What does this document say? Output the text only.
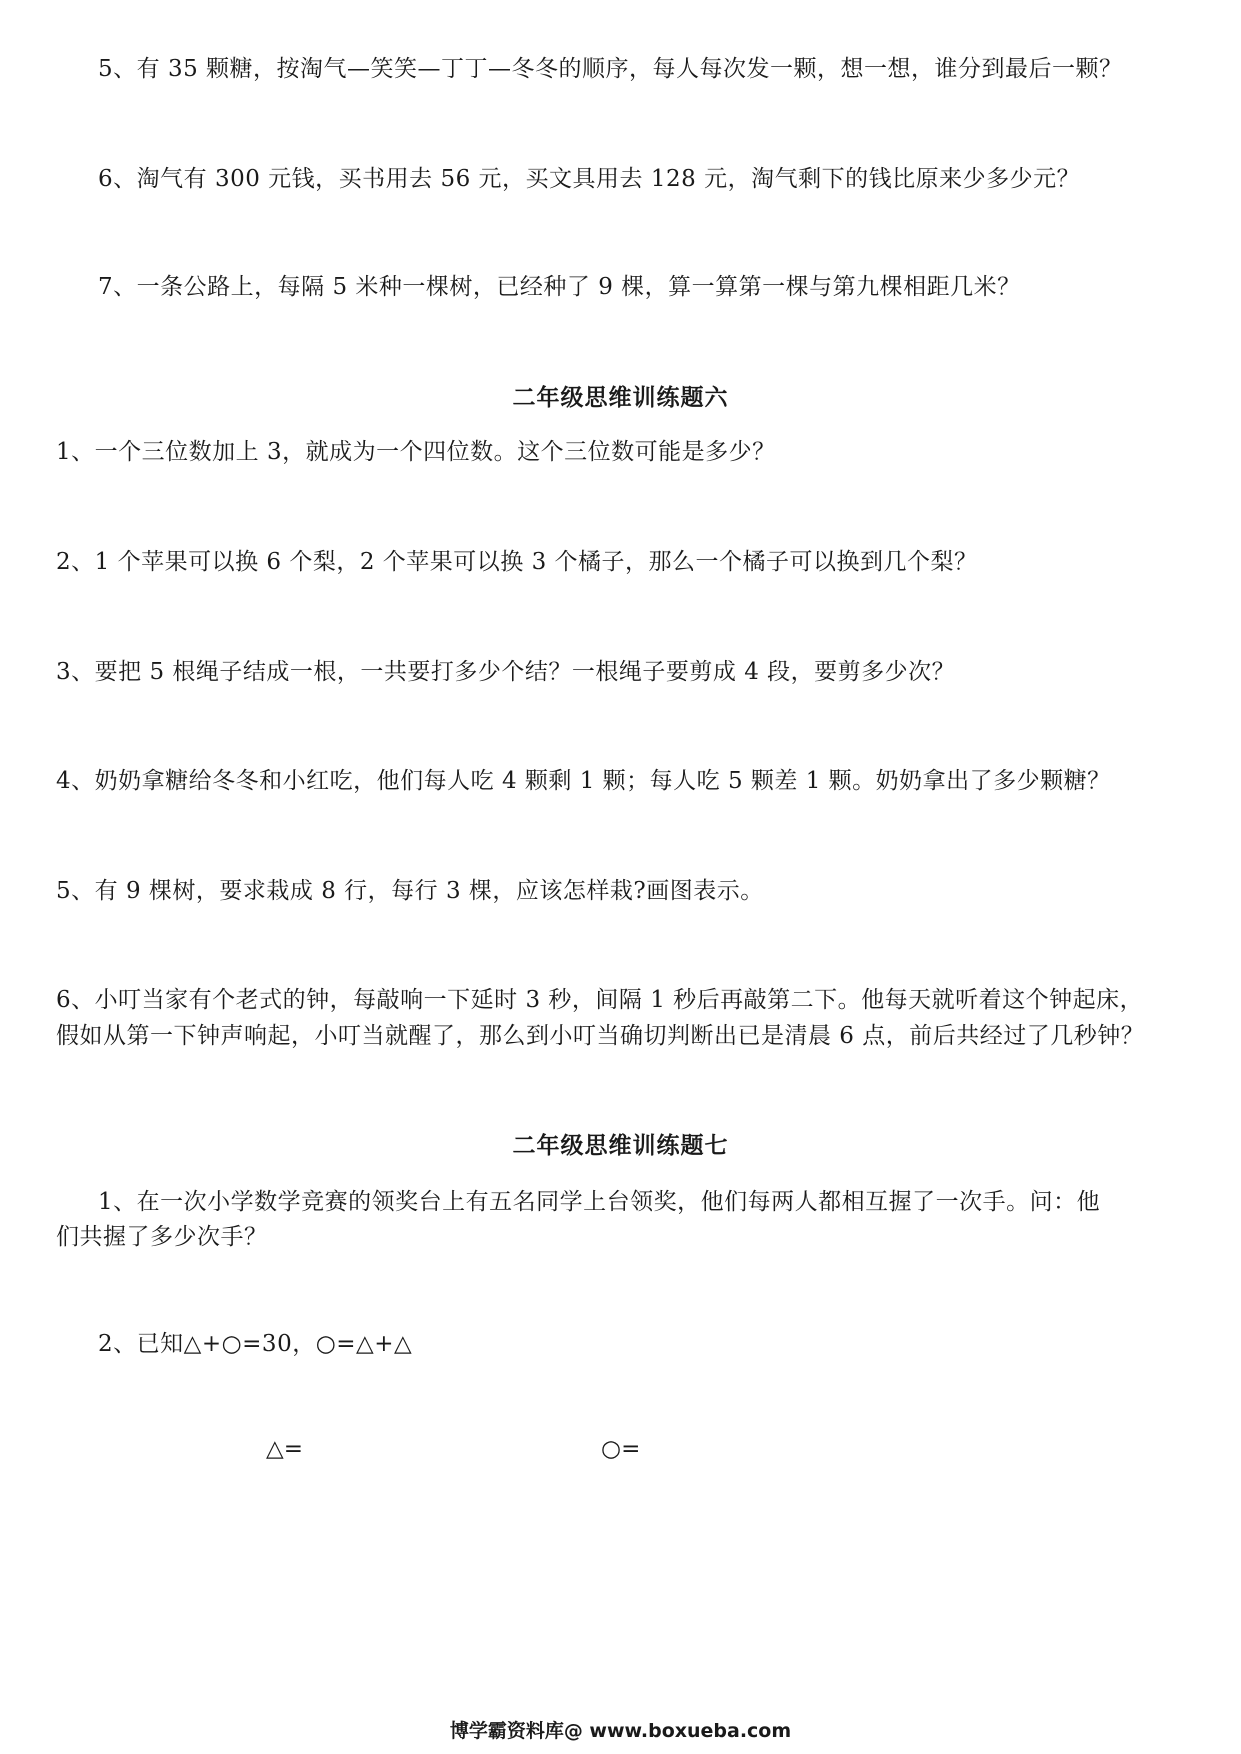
5、有 35 颗糖，按淘气—笑笑—丁丁—冬冬的顺序，每人每次发一颗，想一想，谁分到最后一颗？
6、淘气有 300 元钱，买书用去 56 元，买文具用去 128 元，淘气剩下的钱比原来少多少元？
7、一条公路上，每隔 5 米种一棵树，已经种了 9 棵，算一算第一棵与第九棵相距几米？
二年级思维训练题六
1、一个三位数加上 3，就成为一个四位数。这个三位数可能是多少？
2、1 个苹果可以换 6 个梨，2 个苹果可以换 3 个橘子，那么一个橘子可以换到几个梨？
3、要把 5 根绳子结成一根，一共要打多少个结？一根绳子要剪成 4 段，要剪多少次？
4、奶奶拿糖给冬冬和小红吃，他们每人吃 4 颗剩 1 颗；每人吃 5 颗差 1 颗。奶奶拿出了多少颗糖？
5、有 9 棵树，要求栽成 8 行，每行 3 棵，应该怎样栽?画图表示。
6、小叮当家有个老式的钟，每敲响一下延时 3 秒，间隔 1 秒后再敲第二下。他每天就听着这个钟起床，
假如从第一下钟声响起，小叮当就醒了，那么到小叮当确切判断出已是清晨 6 点，前后共经过了几秒钟？
二年级思维训练题七
1、在一次小学数学竞赛的领奖台上有五名同学上台领奖，他们每两人都相互握了一次手。问：他
们共握了多少次手？
2、已知△+○=30，○=△+△
△=	○=
博学霸资料库@ www.boxueba.com
